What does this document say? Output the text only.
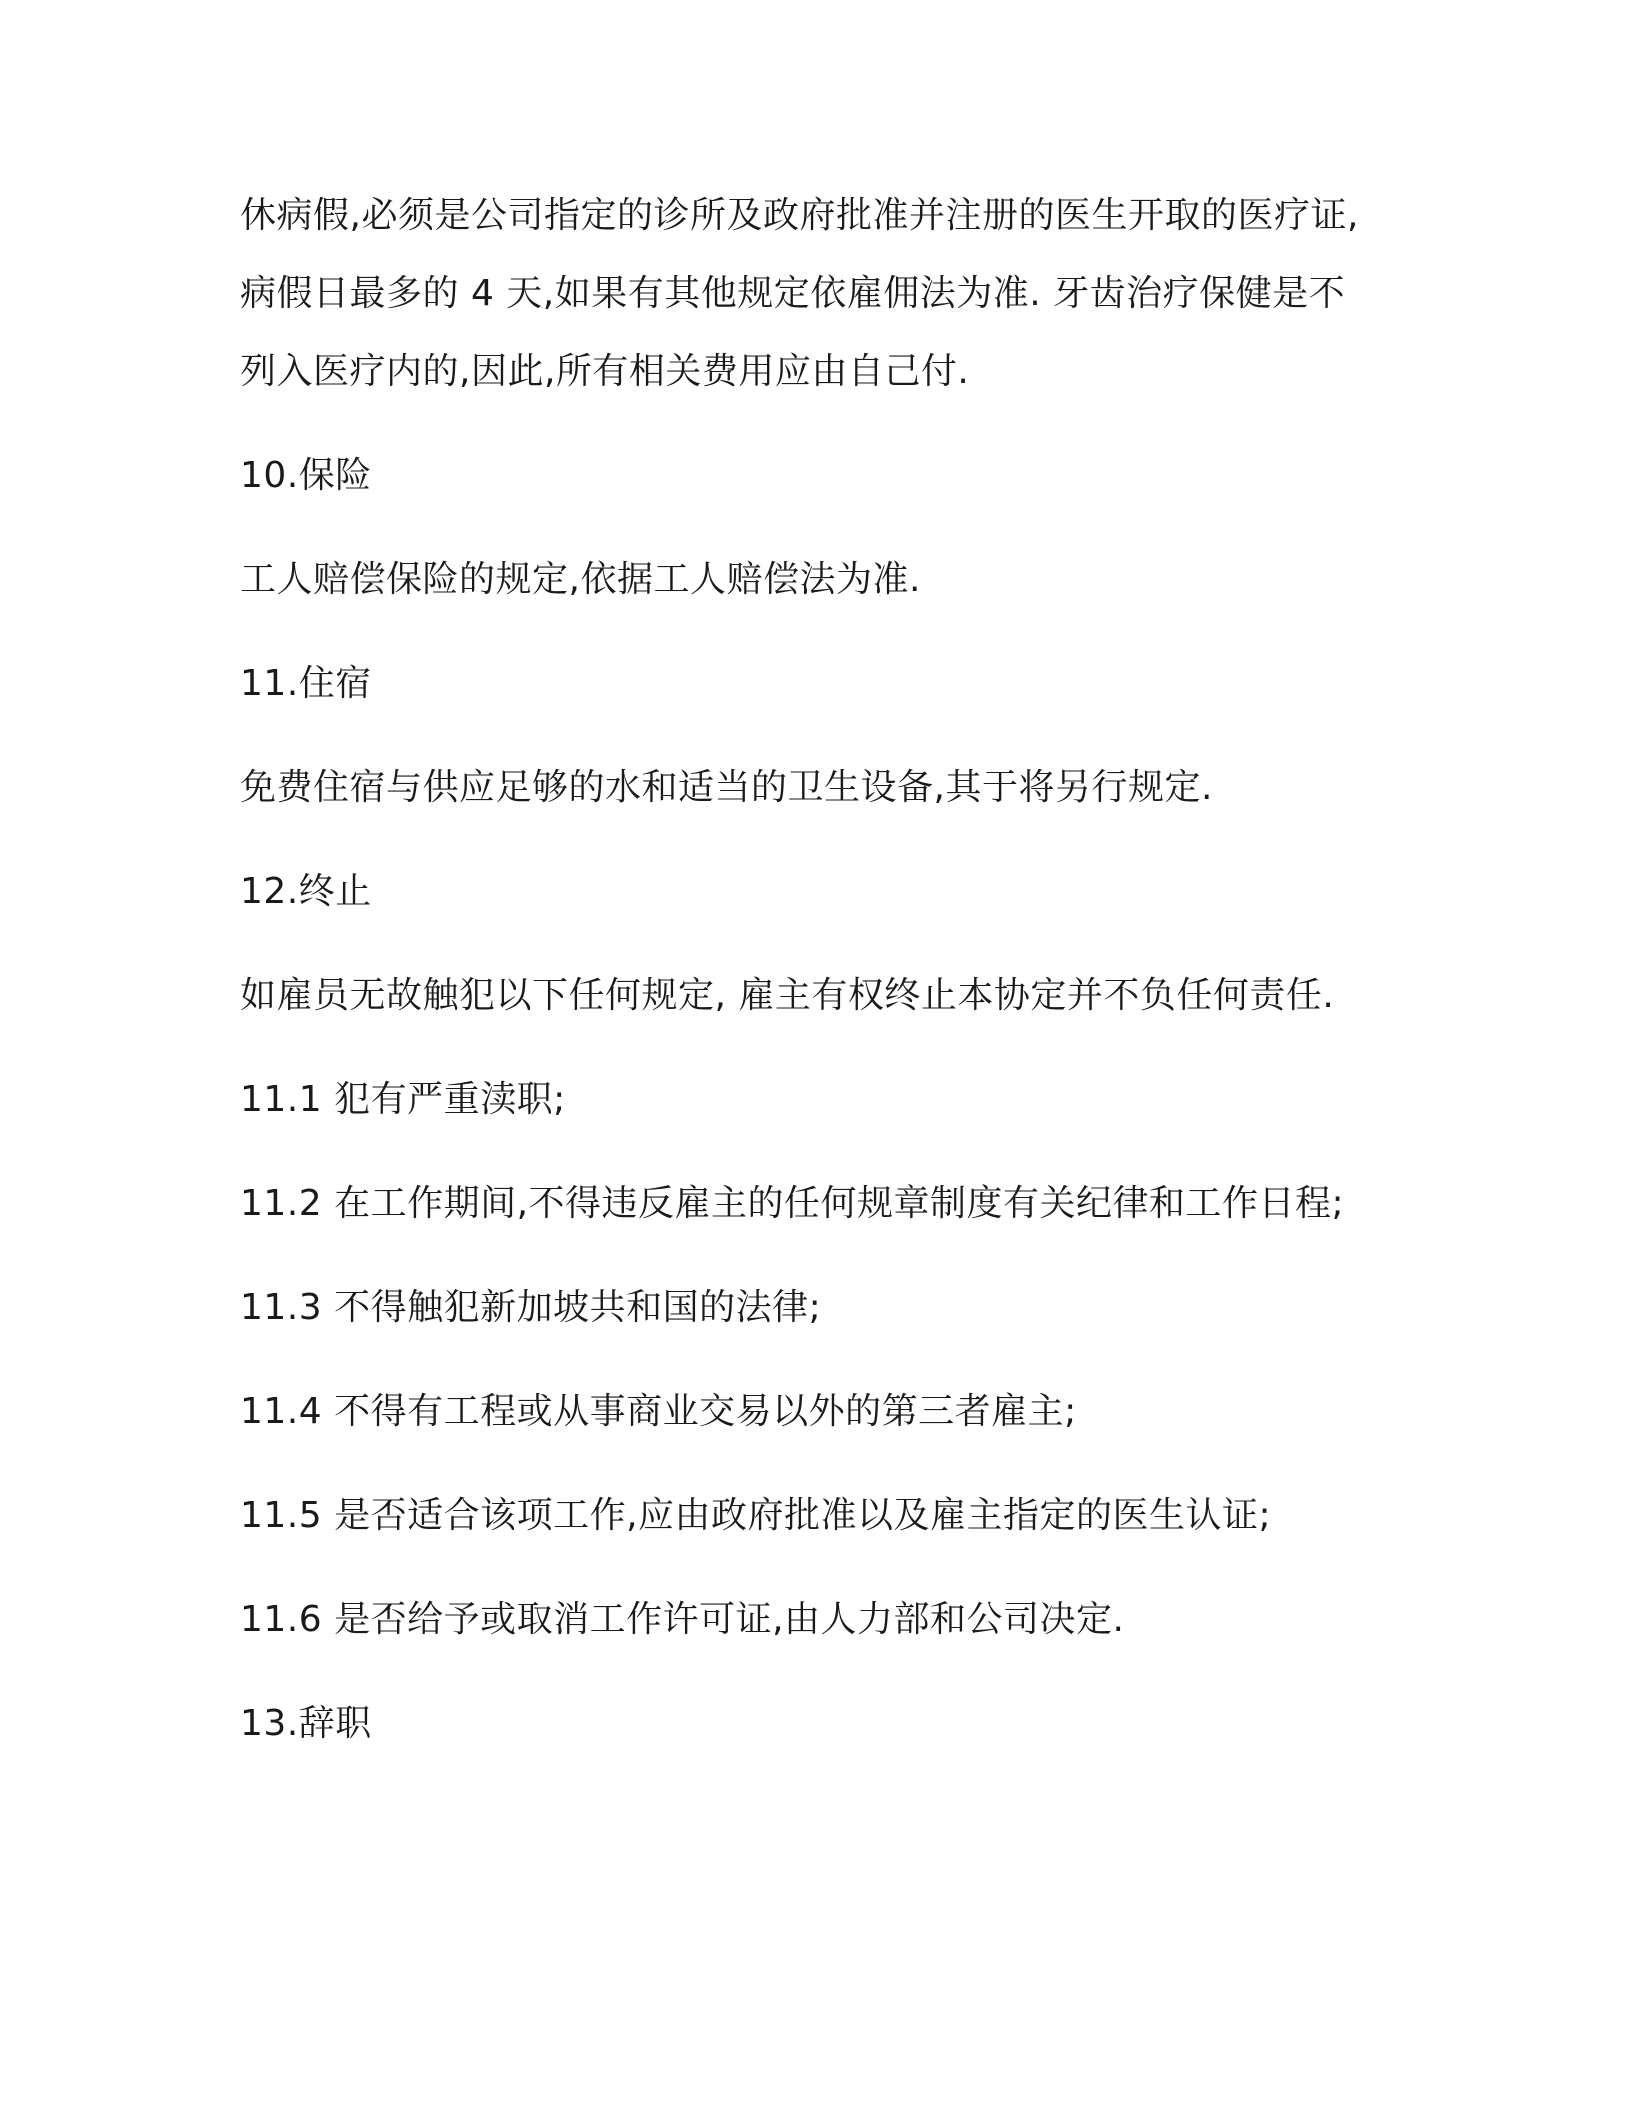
休病假,必须是公司指定的诊所及政府批准并注册的医生开取的医疗证,
病假日最多的 4 天,如果有其他规定依雇佣法为准. 牙齿治疗保健是不
列入医疗内的,因此,所有相关费用应由自己付.
10.保险
工人赔偿保险的规定,依据工人赔偿法为准.
11.住宿
免费住宿与供应足够的水和适当的卫生设备,其于将另行规定.
12.终止
如雇员无故触犯以下任何规定, 雇主有权终止本协定并不负任何责任.
11.1 犯有严重渎职;
11.2 在工作期间,不得违反雇主的任何规章制度有关纪律和工作日程;
11.3 不得触犯新加坡共和国的法律;
11.4 不得有工程或从事商业交易以外的第三者雇主;
11.5 是否适合该项工作,应由政府批准以及雇主指定的医生认证;
11.6 是否给予或取消工作许可证,由人力部和公司决定.
13.辞职
